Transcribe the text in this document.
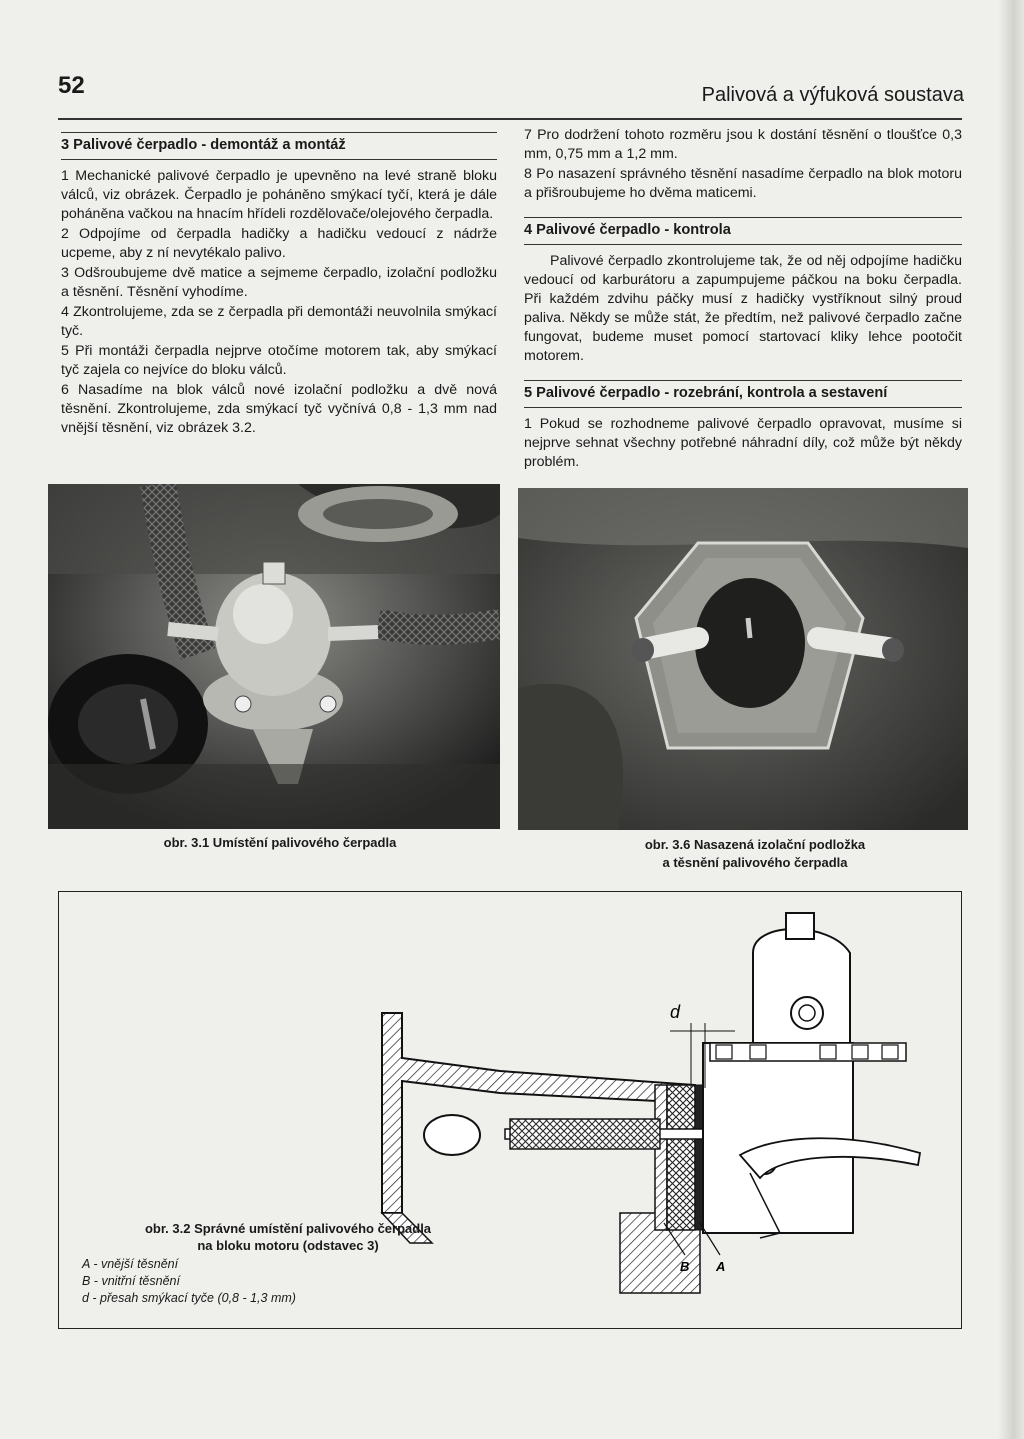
52	Palivová a výfuková soustava
3 Palivové čerpadlo - demontáž a montáž

1 Mechanické palivové čerpadlo je upevněno na levé straně bloku válců, viz obrázek. Čerpadlo je poháněno smýkací tyčí, která je dále poháněna vačkou na hnacím hřídeli rozdělovače/olejového čerpadla.

2 Odpojíme od čerpadla hadičky a hadičku vedoucí z nádrže ucpeme, aby z ní nevytékalo palivo.

3 Odšroubujeme dvě matice a sejmeme čerpadlo, izolační podložku a těsnění. Těsnění vyhodíme.

4 Zkontrolujeme, zda se z čerpadla při demontáži neuvolnila smýkací tyč.

5 Při montáži čerpadla nejprve otočíme motorem tak, aby smýkací tyč zajela co nejvíce do bloku válců.

6 Nasadíme na blok válců nové izolační podložku a dvě nová těsnění. Zkontrolujeme, zda smýkací tyč vyčnívá 0,8 - 1,3 mm nad vnější těsnění, viz obrázek 3.2.

7 Pro dodržení tohoto rozměru jsou k dostání těsnění o tloušťce 0,3 mm, 0,75 mm a 1,2 mm.

8 Po nasazení správného těsnění nasadíme čerpadlo na blok motoru a přišroubujeme ho dvěma maticemi.

4 Palivové čerpadlo - kontrola

Palivové čerpadlo zkontrolujeme tak, že od něj odpojíme hadičku vedoucí od karburátoru a zapumpujeme páčkou na boku čerpadla. Při každém zdvihu páčky musí z hadičky vystříknout silný proud paliva. Někdy se může stát, že předtím, než palivové čerpadlo začne fungovat, budeme muset pomocí startovací kliky lehce pootočit motorem.

5 Palivové čerpadlo - rozebrání, kontrola a sestavení

1 Pokud se rozhodneme palivové čerpadlo opravovat, musíme si nejprve sehnat všechny potřebné náhradní díly, což může být někdy problém.

obr. 3.1 Umístění palivového čerpadla	obr. 3.6 Nasazená izolační podložka
a těsnění palivového čerpadla
d
B A
obr. 3.2 Správné umístění palivového čerpadla
na bloku motoru (odstavec 3)
A - vnější těsnění
B - vnitřní těsnění
d - přesah smýkací tyče (0,8 - 1,3 mm)
